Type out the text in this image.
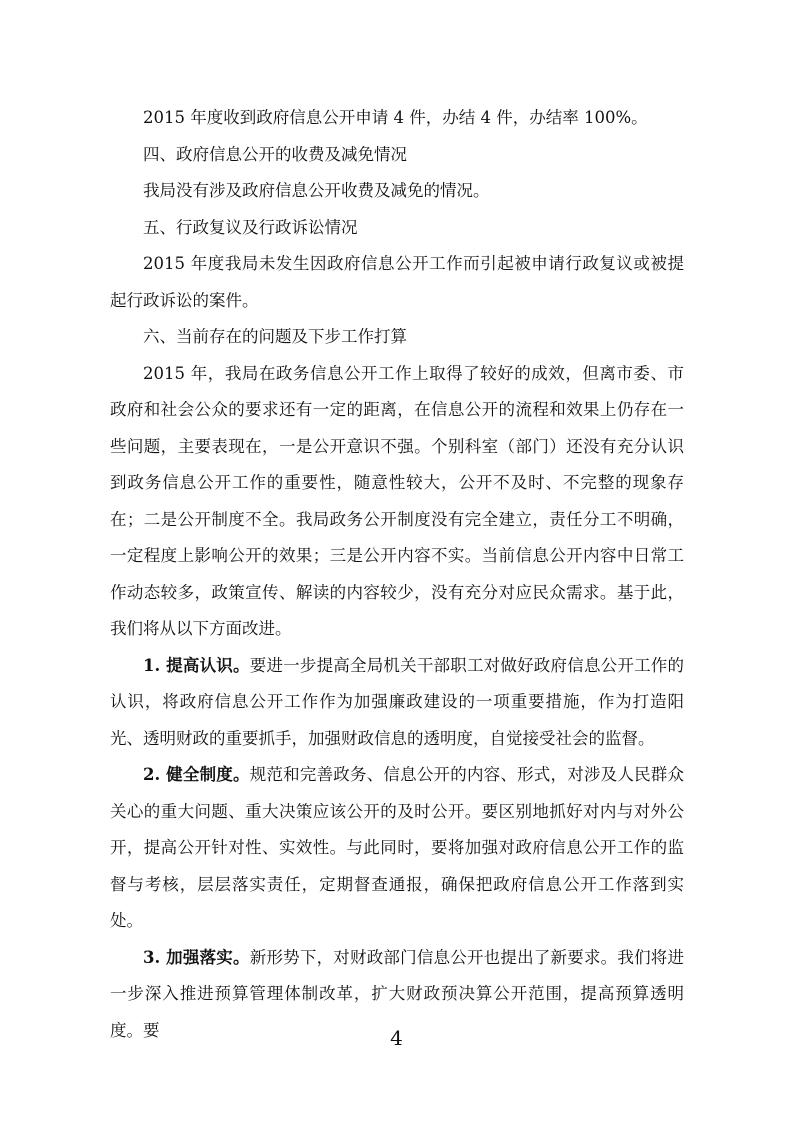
2015 年度收到政府信息公开申请 4 件，办结 4 件，办结率 100%。

四、政府信息公开的收费及减免情况

我局没有涉及政府信息公开收费及减免的情况。

五、行政复议及行政诉讼情况

2015 年度我局未发生因政府信息公开工作而引起被申请行政复议或被提起行政诉讼的案件。

六、当前存在的问题及下步工作打算

2015 年，我局在政务信息公开工作上取得了较好的成效，但离市委、市政府和社会公众的要求还有一定的距离，在信息公开的流程和效果上仍存在一些问题，主要表现在，一是公开意识不强。个别科室（部门）还没有充分认识到政务信息公开工作的重要性，随意性较大，公开不及时、不完整的现象存在；二是公开制度不全。我局政务公开制度没有完全建立，责任分工不明确，一定程度上影响公开的效果；三是公开内容不实。当前信息公开内容中日常工作动态较多，政策宣传、解读的内容较少，没有充分对应民众需求。基于此，我们将从以下方面改进。

1. 提高认识。要进一步提高全局机关干部职工对做好政府信息公开工作的认识，将政府信息公开工作作为加强廉政建设的一项重要措施，作为打造阳光、透明财政的重要抓手，加强财政信息的透明度，自觉接受社会的监督。

2. 健全制度。规范和完善政务、信息公开的内容、形式，对涉及人民群众关心的重大问题、重大决策应该公开的及时公开。要区别地抓好对内与对外公开，提高公开针对性、实效性。与此同时，要将加强对政府信息公开工作的监督与考核，层层落实责任，定期督查通报，确保把政府信息公开工作落到实处。

3. 加强落实。新形势下，对财政部门信息公开也提出了新要求。我们将进一步深入推进预算管理体制改革，扩大财政预决算公开范围，提高预算透明度。要	4
